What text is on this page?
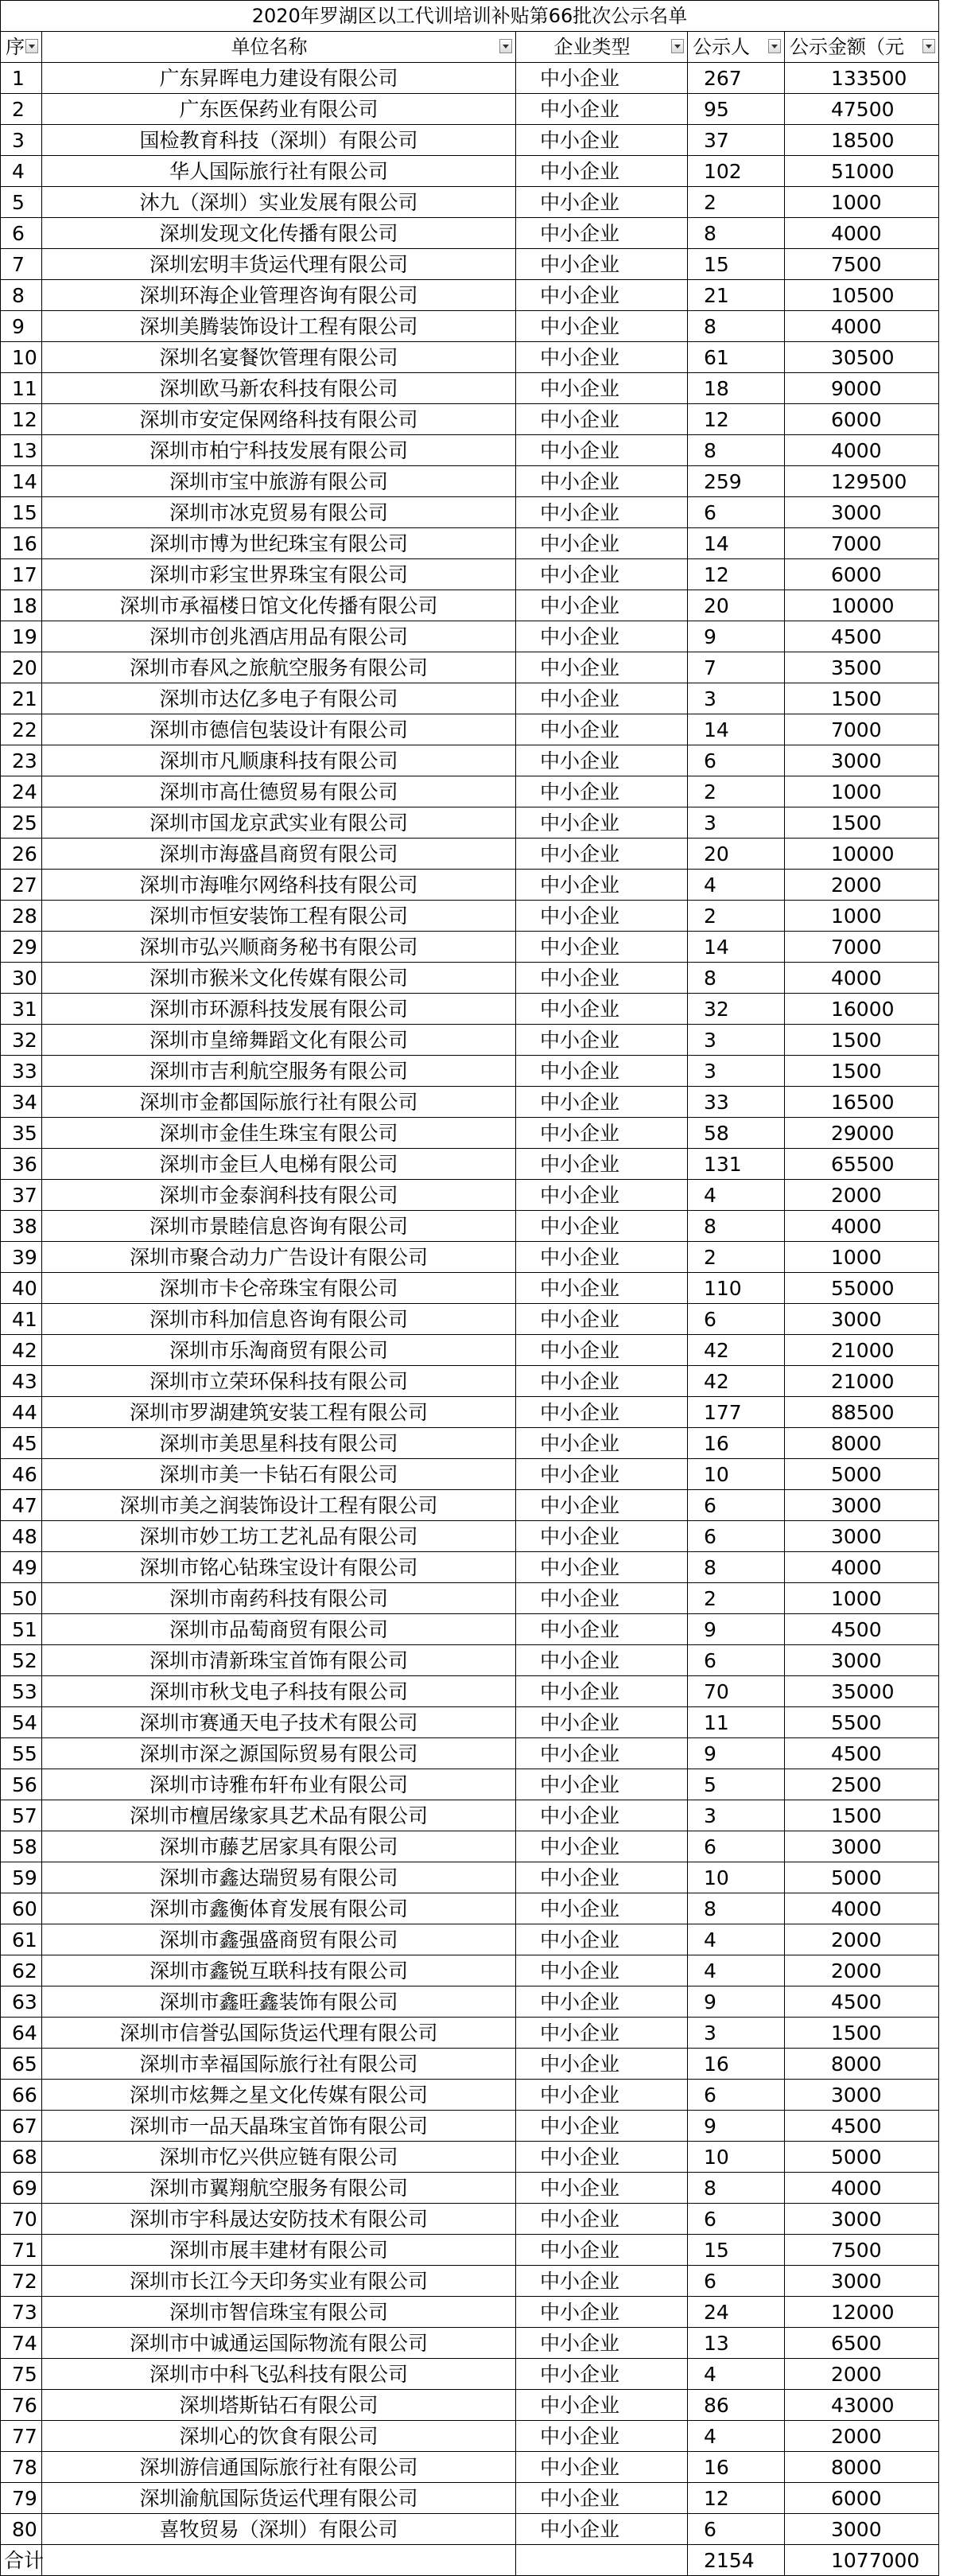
2020年罗湖区以工代训培训补贴第66批次公示名单				

序	单位名称	企业类型	公示人	公示金额（元

1	广东昇晖电力建设有限公司	中小企业	267	133500
2	广东医保药业有限公司	中小企业	95	47500
3	国检教育科技（深圳）有限公司	中小企业	37	18500
4	华人国际旅行社有限公司	中小企业	102	51000
5	沐九（深圳）实业发展有限公司	中小企业	2	1000
6	深圳发现文化传播有限公司	中小企业	8	4000
7	深圳宏明丰货运代理有限公司	中小企业	15	7500
8	深圳环海企业管理咨询有限公司	中小企业	21	10500
9	深圳美腾装饰设计工程有限公司	中小企业	8	4000
10	深圳名宴餐饮管理有限公司	中小企业	61	30500
11	深圳欧马新农科技有限公司	中小企业	18	9000
12	深圳市安定保网络科技有限公司	中小企业	12	6000
13	深圳市柏宁科技发展有限公司	中小企业	8	4000
14	深圳市宝中旅游有限公司	中小企业	259	129500
15	深圳市冰克贸易有限公司	中小企业	6	3000
16	深圳市博为世纪珠宝有限公司	中小企业	14	7000
17	深圳市彩宝世界珠宝有限公司	中小企业	12	6000
18	深圳市承福楼日馆文化传播有限公司	中小企业	20	10000
19	深圳市创兆酒店用品有限公司	中小企业	9	4500
20	深圳市春风之旅航空服务有限公司	中小企业	7	3500
21	深圳市达亿多电子有限公司	中小企业	3	1500
22	深圳市德信包装设计有限公司	中小企业	14	7000
23	深圳市凡顺康科技有限公司	中小企业	6	3000
24	深圳市高仕德贸易有限公司	中小企业	2	1000
25	深圳市国龙京武实业有限公司	中小企业	3	1500
26	深圳市海盛昌商贸有限公司	中小企业	20	10000
27	深圳市海唯尔网络科技有限公司	中小企业	4	2000
28	深圳市恒安装饰工程有限公司	中小企业	2	1000
29	深圳市弘兴顺商务秘书有限公司	中小企业	14	7000
30	深圳市猴米文化传媒有限公司	中小企业	8	4000
31	深圳市环源科技发展有限公司	中小企业	32	16000
32	深圳市皇缔舞蹈文化有限公司	中小企业	3	1500
33	深圳市吉利航空服务有限公司	中小企业	3	1500
34	深圳市金都国际旅行社有限公司	中小企业	33	16500
35	深圳市金佳生珠宝有限公司	中小企业	58	29000
36	深圳市金巨人电梯有限公司	中小企业	131	65500
37	深圳市金泰润科技有限公司	中小企业	4	2000
38	深圳市景睦信息咨询有限公司	中小企业	8	4000
39	深圳市聚合动力广告设计有限公司	中小企业	2	1000
40	深圳市卡仑帝珠宝有限公司	中小企业	110	55000
41	深圳市科加信息咨询有限公司	中小企业	6	3000
42	深圳市乐淘商贸有限公司	中小企业	42	21000
43	深圳市立荣环保科技有限公司	中小企业	42	21000
44	深圳市罗湖建筑安装工程有限公司	中小企业	177	88500
45	深圳市美思星科技有限公司	中小企业	16	8000
46	深圳市美一卡钻石有限公司	中小企业	10	5000
47	深圳市美之润装饰设计工程有限公司	中小企业	6	3000
48	深圳市妙工坊工艺礼品有限公司	中小企业	6	3000
49	深圳市铭心钻珠宝设计有限公司	中小企业	8	4000
50	深圳市南药科技有限公司	中小企业	2	1000
51	深圳市品萄商贸有限公司	中小企业	9	4500
52	深圳市清新珠宝首饰有限公司	中小企业	6	3000
53	深圳市秋戈电子科技有限公司	中小企业	70	35000
54	深圳市赛通天电子技术有限公司	中小企业	11	5500
55	深圳市深之源国际贸易有限公司	中小企业	9	4500
56	深圳市诗雅布轩布业有限公司	中小企业	5	2500
57	深圳市檀居缘家具艺术品有限公司	中小企业	3	1500
58	深圳市藤艺居家具有限公司	中小企业	6	3000
59	深圳市鑫达瑞贸易有限公司	中小企业	10	5000
60	深圳市鑫衡体育发展有限公司	中小企业	8	4000
61	深圳市鑫强盛商贸有限公司	中小企业	4	2000
62	深圳市鑫锐互联科技有限公司	中小企业	4	2000
63	深圳市鑫旺鑫装饰有限公司	中小企业	9	4500
64	深圳市信誉弘国际货运代理有限公司	中小企业	3	1500
65	深圳市幸福国际旅行社有限公司	中小企业	16	8000
66	深圳市炫舞之星文化传媒有限公司	中小企业	6	3000
67	深圳市一品天晶珠宝首饰有限公司	中小企业	9	4500
68	深圳市忆兴供应链有限公司	中小企业	10	5000
69	深圳市翼翔航空服务有限公司	中小企业	8	4000
70	深圳市宇科晟达安防技术有限公司	中小企业	6	3000
71	深圳市展丰建材有限公司	中小企业	15	7500
72	深圳市长江今天印务实业有限公司	中小企业	6	3000
73	深圳市智信珠宝有限公司	中小企业	24	12000
74	深圳市中诚通运国际物流有限公司	中小企业	13	6500
75	深圳市中科飞弘科技有限公司	中小企业	4	2000
76	深圳塔斯钻石有限公司	中小企业	86	43000
77	深圳心的饮食有限公司	中小企业	4	2000
78	深圳游信通国际旅行社有限公司	中小企业	16	8000
79	深圳渝航国际货运代理有限公司	中小企业	12	6000
80	喜牧贸易（深圳）有限公司	中小企业	6	3000
合计			2154	1077000
